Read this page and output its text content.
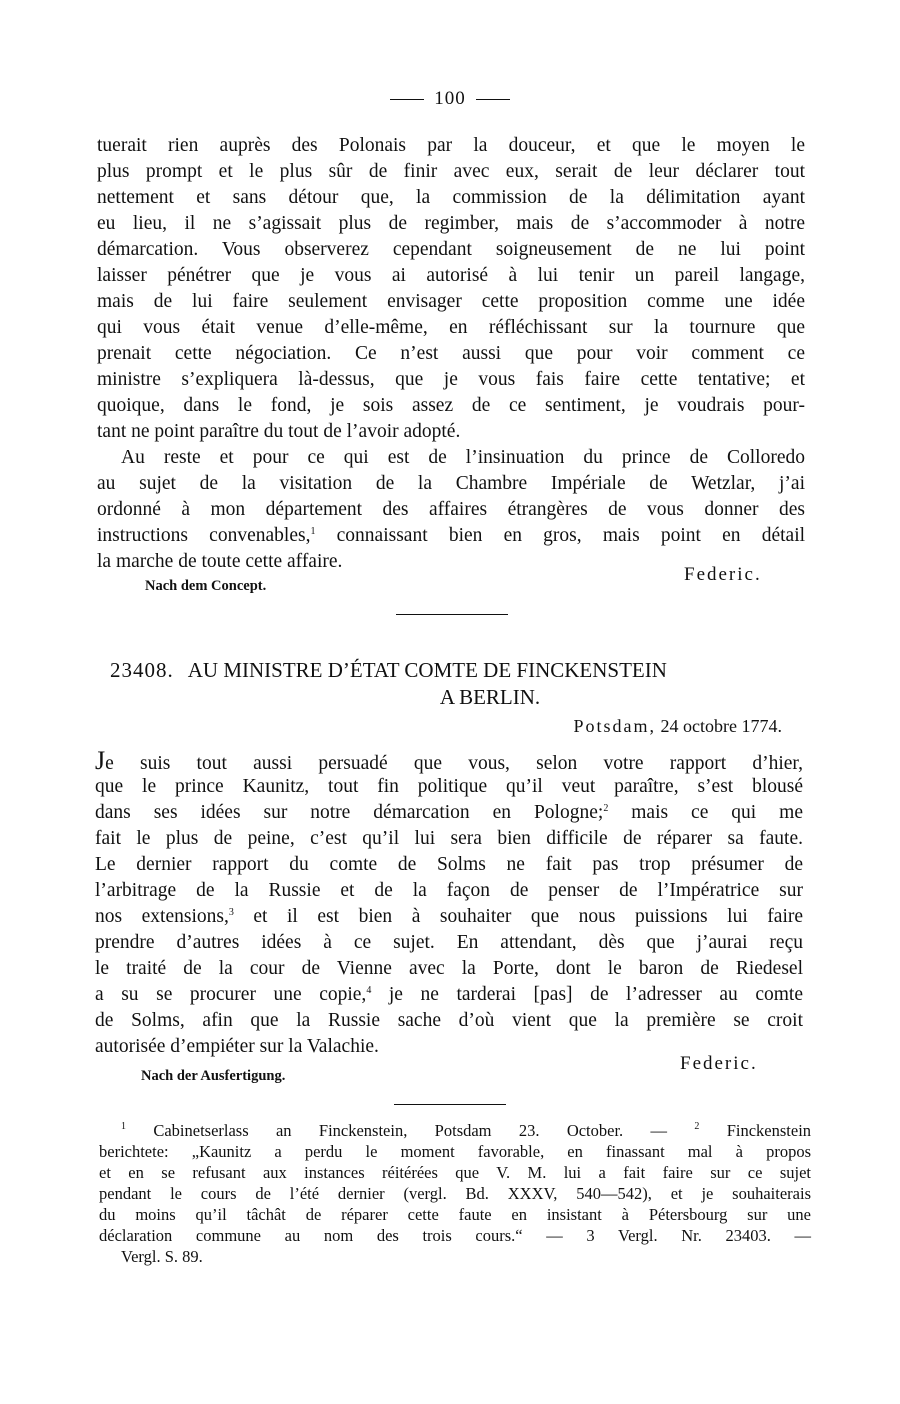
100
tuerait rien auprès des Polonais par la douceur, et que le moyen le
plus prompt et le plus sûr de finir avec eux, serait de leur déclarer tout
nettement et sans détour que, la commission de la délimitation ayant
eu lieu, il ne s’agissait plus de regimber, mais de s’accommoder à notre
démarcation. Vous observerez cependant soigneusement de ne lui point
laisser pénétrer que je vous ai autorisé à lui tenir un pareil langage,
mais de lui faire seulement envisager cette proposition comme une idée
qui vous était venue d’elle-même, en réfléchissant sur la tournure que
prenait cette négociation. Ce n’est aussi que pour voir comment ce
ministre s’expliquera là-dessus, que je vous fais faire cette tentative; et
quoique, dans le fond, je sois assez de ce sentiment, je voudrais pour-
tant ne point paraître du tout de l’avoir adopté.
Au reste et pour ce qui est de l’insinuation du prince de Colloredo
au sujet de la visitation de la Chambre Impériale de Wetzlar, j’ai
ordonné à mon département des affaires étrangères de vous donner des
instructions convenables,$^1$ connaissant bien en gros, mais point en détail
la marche de toute cette affaire.
Federic.
Nach dem Concept.
23408. AU MINISTRE D’ÉTAT COMTE DE FINCKENSTEIN
A BERLIN.
Potsdam, 24 octobre 1774.
Je suis tout aussi persuadé que vous, selon votre rapport d’hier,
que le prince Kaunitz, tout fin politique qu’il veut paraître, s’est blousé
dans ses idées sur notre démarcation en Pologne;$^2$ mais ce qui me
fait le plus de peine, c’est qu’il lui sera bien difficile de réparer sa faute.
Le dernier rapport du comte de Solms ne fait pas trop présumer de
l’arbitrage de la Russie et de la façon de penser de l’Impératrice sur
nos extensions,$^3$ et il est bien à souhaiter que nous puissions lui faire
prendre d’autres idées à ce sujet. En attendant, dès que j’aurai reçu
le traité de la cour de Vienne avec la Porte, dont le baron de Riedesel
a su se procurer une copie,$^4$ je ne tarderai [pas] de l’adresser au comte
de Solms, afin que la Russie sache d’où vient que la première se croit
autorisée d’empiéter sur la Valachie.
Federic.
Nach der Ausfertigung.
$^1$ Cabinetserlass an Finckenstein, Potsdam 23. October. —	$^2$ Finckenstein
berichtete: „Kaunitz a perdu le moment favorable, en finassant mal à propos
et en se refusant aux instances réitérées que V. M. lui a fait faire sur ce sujet
pendant le cours de l’été dernier (vergl. Bd. XXXV, 540—542), et je souhaiterais
du moins qu’il tâchât de réparer cette faute en insistant à Pétersbourg sur une
déclaration commune au nom des trois cours.“ — 3 Vergl. Nr. 23403. —
Vergl. S. 89.
